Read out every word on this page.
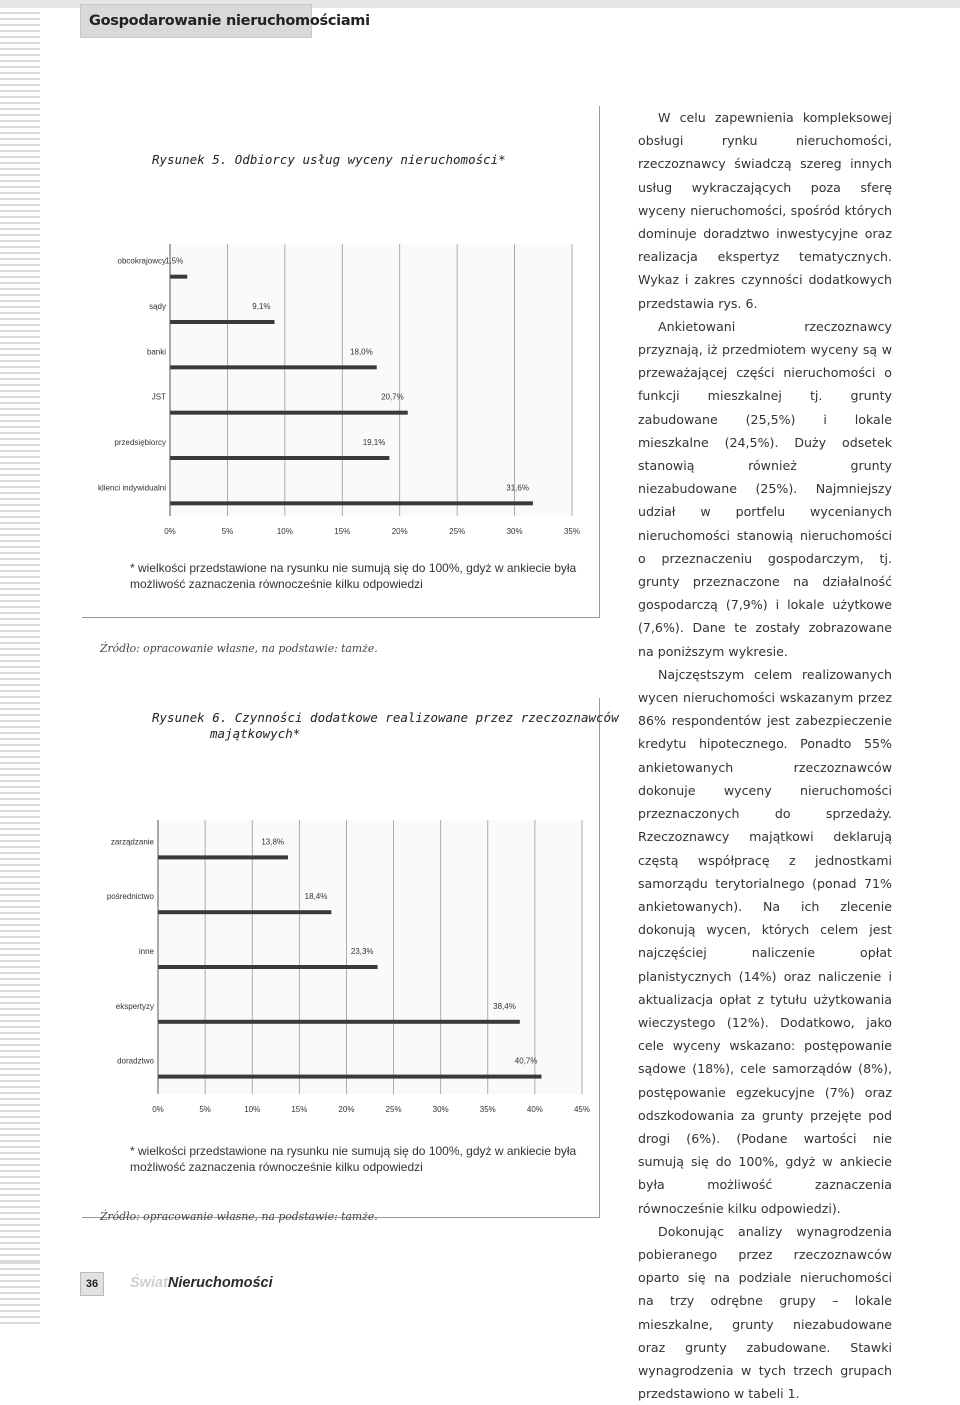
Gospodarowanie nieruchomościami
Rysunek 5. Odbiorcy usług wyceny nieruchomości*
0%	5%	10%	15%	20%	25%	30%	35%
1,5%
obcokrajowcy
9,1%
sądy
18,0%
banki
20,7%
JST
19,1%
przedsiębiorcy
31,6%
klienci indywidualni
* wielkości przedstawione na rysunku nie sumują się do 100%, gdyż w ankiecie była możliwość zaznaczenia równocześnie kilku odpowiedzi
Źródło: opracowanie własne, na podstawie: tamże.
Rysunek 6. Czynności dodatkowe realizowane przez rzeczoznawców
majątkowych*
0%	5%	10%	15%	20%	25%	30%	35%	40%	45%
13,8%
zarządzanie
18,4%
pośrednictwo
23,3%
inne
38,4%
ekspertyzy
40,7%
doradztwo
* wielkości przedstawione na rysunku nie sumują się do 100%, gdyż w ankiecie była możliwość zaznaczenia równocześnie kilku odpowiedzi
Źródło: opracowanie własne, na podstawie: tamże.

W celu zapewnienia kompleksowej obsługi rynku nieruchomości, rzeczoznawcy świadczą szereg innych usług wykraczających poza sferę wyceny nieruchomości, spośród których dominuje doradztwo inwestycyjne oraz realizacja ekspertyz tematycznych. Wykaz i zakres czynności dodatkowych przedstawia rys. 6.

Ankietowani rzeczoznawcy przyznają, iż przedmiotem wyceny są w przeważającej części nieruchomości o funkcji mieszkalnej tj. grunty zabudowane (25,5%) i lokale mieszkalne (24,5%). Duży odsetek stanowią również grunty niezabudowane (25%). Najmniejszy udział w portfelu wycenianych nieruchomości stanowią nieruchomości o przeznaczeniu gospodarczym, tj. grunty przeznaczone na działalność gospodarczą (7,9%) i lokale użytkowe (7,6%). Dane te zostały zobrazowane na poniższym wykresie.

Najczęstszym celem realizowanych wycen nieruchomości wskazanym przez 86% respondentów jest zabezpieczenie kredytu hipotecznego. Ponadto 55% ankietowanych rzeczoznawców dokonuje wyceny nieruchomości przeznaczonych do sprzedaży. Rzeczoznawcy majątkowi deklarują częstą współpracę z jednostkami samorządu terytorialnego (ponad 71% ankietowanych). Na ich zlecenie dokonują wycen, których celem jest najczęściej naliczenie opłat planistycznych (14%) oraz naliczenie i aktualizacja opłat z tytułu użytkowania wieczystego (12%). Dodatkowo, jako cele wyceny wskazano: postępowanie sądowe (18%), cele samorządów (8%), postępowanie egzekucyjne (7%) oraz odszkodowania za grunty przejęte pod drogi (6%). (Podane wartości nie sumują się do 100%, gdyż w ankiecie była możliwość zaznaczenia równocześnie kilku odpowiedzi).

Dokonując analizy wynagrodzenia pobieranego przez rzeczoznawców oparto się na podziale nieruchomości na trzy odrębne grupy – lokale mieszkalne, grunty niezabudowane oraz grunty zabudowane. Stawki wynagrodzenia w tych trzech grupach przedstawiono w tabeli 1.

36	ŚwiatNieruchomości
